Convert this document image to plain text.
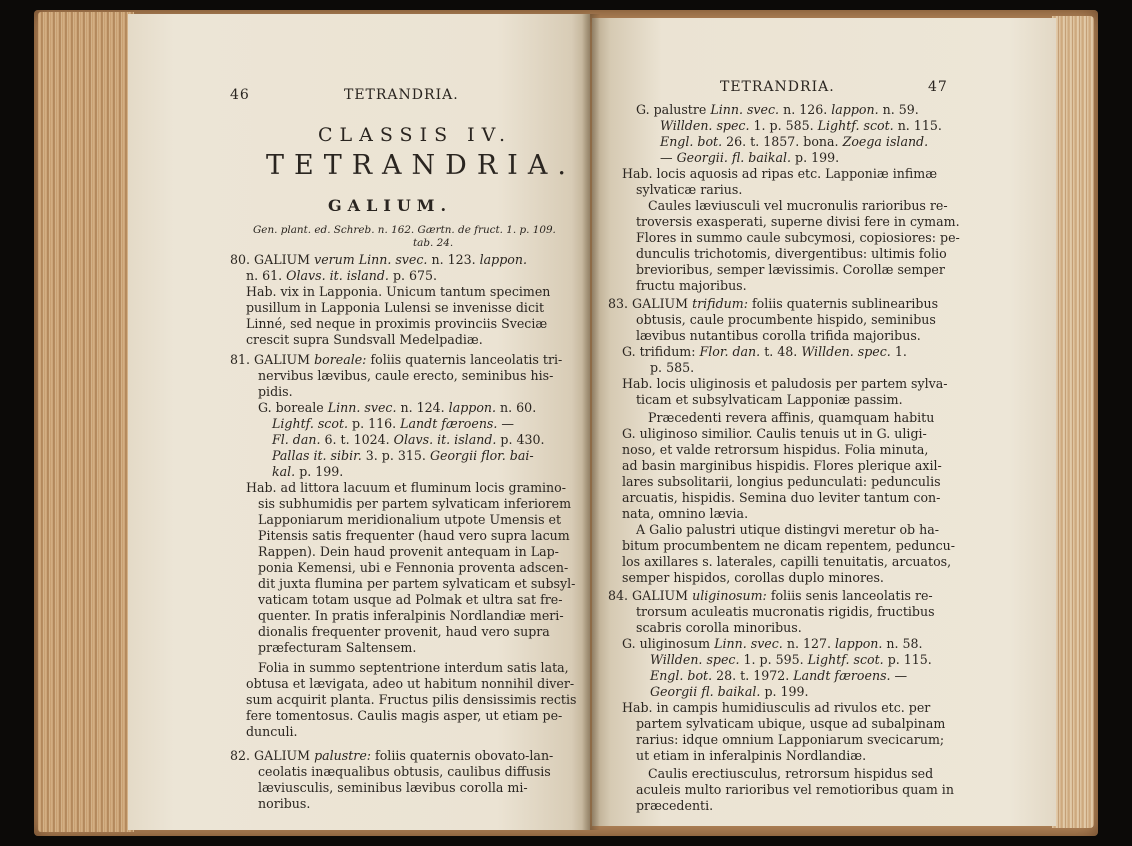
46	TETRANDRIA.
CLASSIS IV.
TETRANDRIA.
GALIUM.
Gen. plant. ed. Schreb. n. 162. Gærtn. de fruct. 1. p. 109.
tab. 24.
80. GALIUM verum Linn. svec. n. 123. lappon.
n. 61. Olavs. it. island. p. 675.
Hab. vix in Lapponia. Unicum tantum specimen
pusillum in Lapponia Lulensi se invenisse dicit
Linné, sed neque in proximis provinciis Sveciæ
crescit supra Sundsvall Medelpadiæ.
81. GALIUM boreale: foliis quaternis lanceolatis tri-
nervibus lævibus, caule erecto, seminibus his-
pidis.
G. boreale Linn. svec. n. 124. lappon. n. 60.
Lightf. scot. p. 116. Landt færoens. —
Fl. dan. 6. t. 1024. Olavs. it. island. p. 430.
Pallas it. sibir. 3. p. 315. Georgii flor. bai-
kal. p. 199.
Hab. ad littora lacuum et fluminum locis gramino-
sis subhumidis per partem sylvaticam inferiorem
Lapponiarum meridionalium utpote Umensis et
Pitensis satis frequenter (haud vero supra lacum
Rappen). Dein haud provenit antequam in Lap-
ponia Kemensi, ubi e Fennonia proventa adscen-
dit juxta flumina per partem sylvaticam et subsyl-
vaticam totam usque ad Polmak et ultra sat fre-
quenter. In pratis inferalpinis Nordlandiæ meri-
dionalis frequenter provenit, haud vero supra
præfecturam Saltensem.
Folia in summo septentrione interdum satis lata,
obtusa et lævigata, adeo ut habitum nonnihil diver-
sum acquirit planta. Fructus pilis densissimis rectis
fere tomentosus. Caulis magis asper, ut etiam pe-
dunculi.
82. GALIUM palustre: foliis quaternis obovato-lan-
ceolatis inæqualibus obtusis, caulibus diffusis
læviusculis, seminibus lævibus corolla mi-
noribus.
TETRANDRIA.	47
G. palustre Linn. svec. n. 126. lappon. n. 59.
Willden. spec. 1. p. 585. Lightf. scot. n. 115.
Engl. bot. 26. t. 1857. bona. Zoega island.
— Georgii. fl. baikal. p. 199.
Hab. locis aquosis ad ripas etc. Lapponiæ infimæ
sylvaticæ rarius.
Caules læviusculi vel mucronulis rarioribus re-
troversis exasperati, superne divisi fere in cymam.
Flores in summo caule subcymosi, copiosiores: pe-
dunculis trichotomis, divergentibus: ultimis folio
brevioribus, semper lævissimis. Corollæ semper
fructu majoribus.
83. GALIUM trifidum: foliis quaternis sublinearibus
obtusis, caule procumbente hispido, seminibus
lævibus nutantibus corolla trifida majoribus.
G. trifidum: Flor. dan. t. 48. Willden. spec. 1.
p. 585.
Hab. locis uliginosis et paludosis per partem sylva-
ticam et subsylvaticam Lapponiæ passim.
Præcedenti revera affinis, quamquam habitu
G. uliginoso similior. Caulis tenuis ut in G. uligi-
noso, et valde retrorsum hispidus. Folia minuta,
ad basin marginibus hispidis. Flores plerique axil-
lares subsolitarii, longius pedunculati: pedunculis
arcuatis, hispidis. Semina duo leviter tantum con-
nata, omnino lævia.
A Galio palustri utique distingvi meretur ob ha-
bitum procumbentem ne dicam repentem, peduncu-
los axillares s. laterales, capilli tenuitatis, arcuatos,
semper hispidos, corollas duplo minores.
84. GALIUM uliginosum: foliis senis lanceolatis re-
trorsum aculeatis mucronatis rigidis, fructibus
scabris corolla minoribus.
G. uliginosum Linn. svec. n. 127. lappon. n. 58.
Willden. spec. 1. p. 595. Lightf. scot. p. 115.
Engl. bot. 28. t. 1972. Landt færoens. —
Georgii fl. baikal. p. 199.
Hab. in campis humidiusculis ad rivulos etc. per
partem sylvaticam ubique, usque ad subalpinam
rarius: idque omnium Lapponiarum svecicarum;
ut etiam in inferalpinis Nordlandiæ.
Caulis erectiusculus, retrorsum hispidus sed
aculeis multo rarioribus vel remotioribus quam in
præcedenti.
